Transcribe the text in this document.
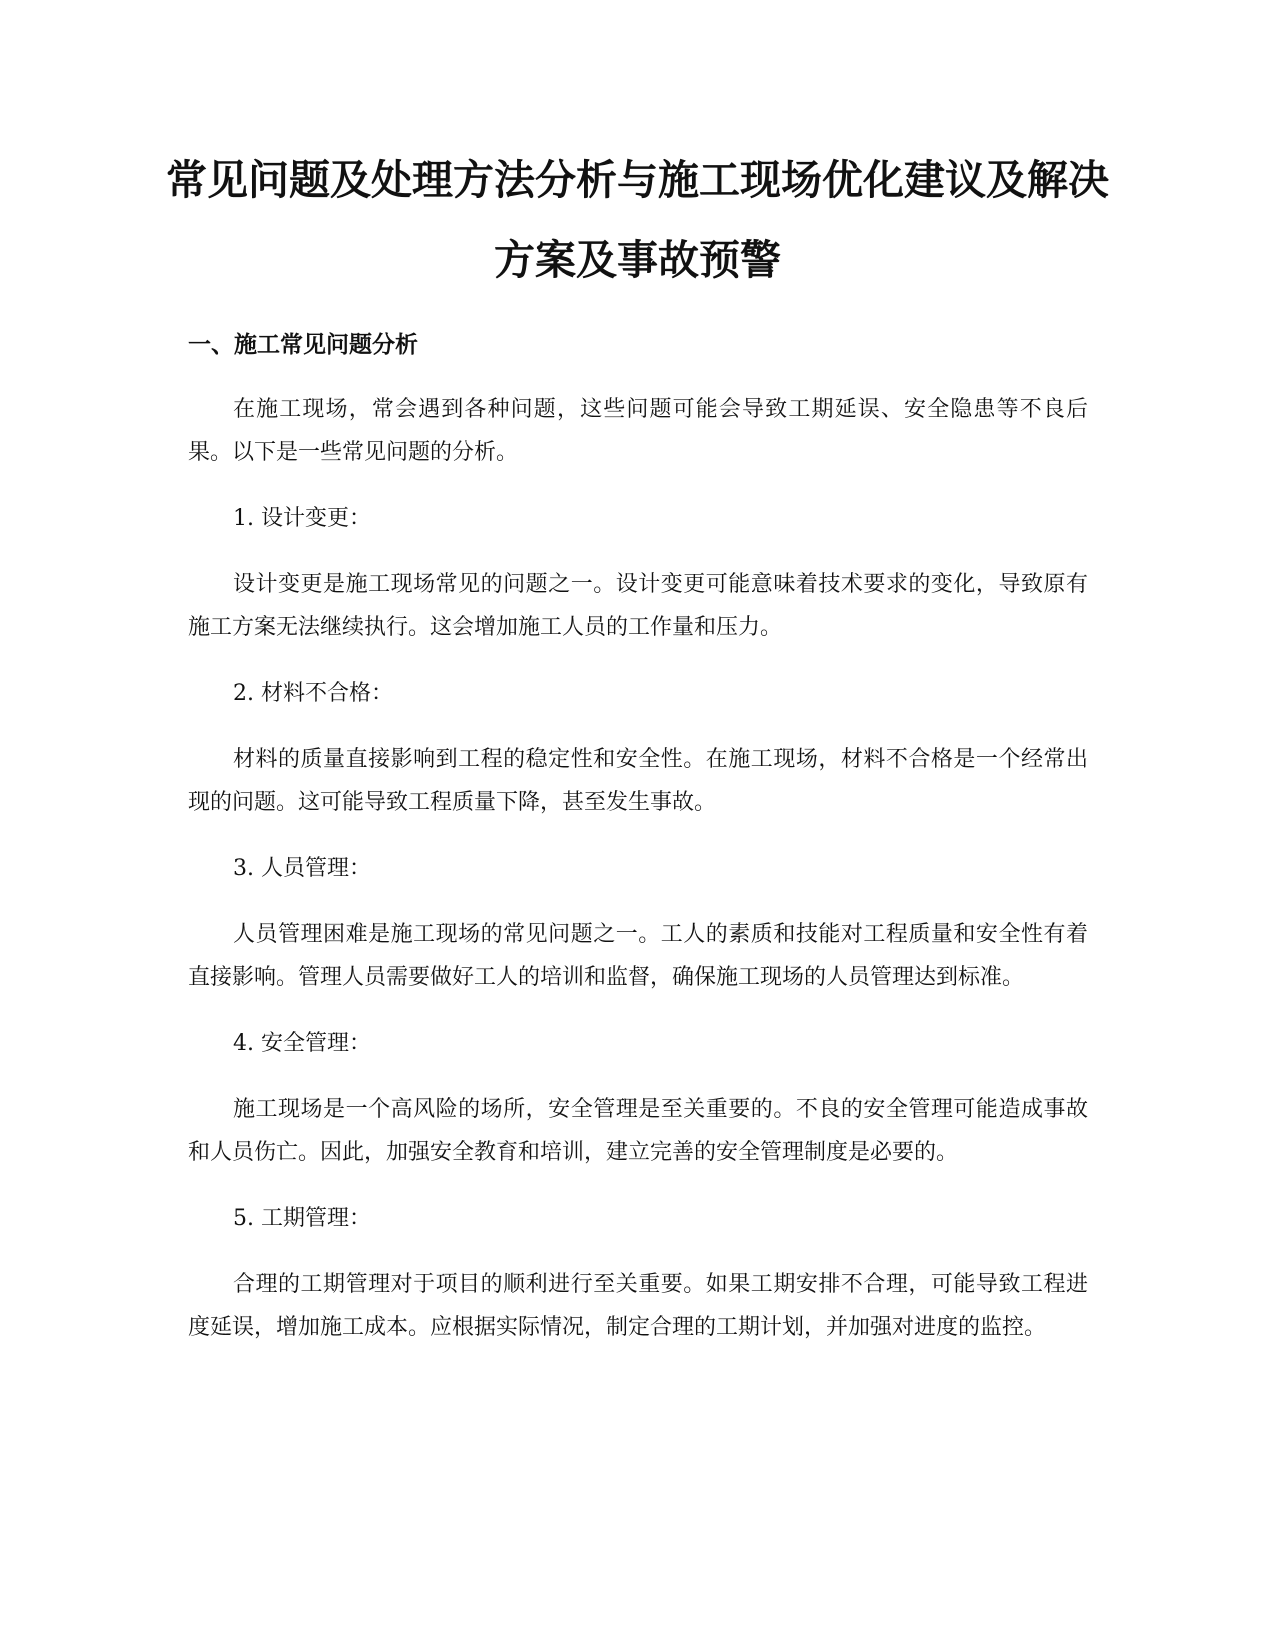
常见问题及处理方法分析与施工现场优化建议及解决方案及事故预警
一、施工常见问题分析

在施工现场，常会遇到各种问题，这些问题可能会导致工期延误、安全隐患等不良后果。以下是一些常见问题的分析。

1. 设计变更：

设计变更是施工现场常见的问题之一。设计变更可能意味着技术要求的变化，导致原有施工方案无法继续执行。这会增加施工人员的工作量和压力。

2. 材料不合格：

材料的质量直接影响到工程的稳定性和安全性。在施工现场，材料不合格是一个经常出现的问题。这可能导致工程质量下降，甚至发生事故。

3. 人员管理：

人员管理困难是施工现场的常见问题之一。工人的素质和技能对工程质量和安全性有着直接影响。管理人员需要做好工人的培训和监督，确保施工现场的人员管理达到标准。

4. 安全管理：

施工现场是一个高风险的场所，安全管理是至关重要的。不良的安全管理可能造成事故和人员伤亡。因此，加强安全教育和培训，建立完善的安全管理制度是必要的。

5. 工期管理：

合理的工期管理对于项目的顺利进行至关重要。如果工期安排不合理，可能导致工程进度延误，增加施工成本。应根据实际情况，制定合理的工期计划，并加强对进度的监控。
